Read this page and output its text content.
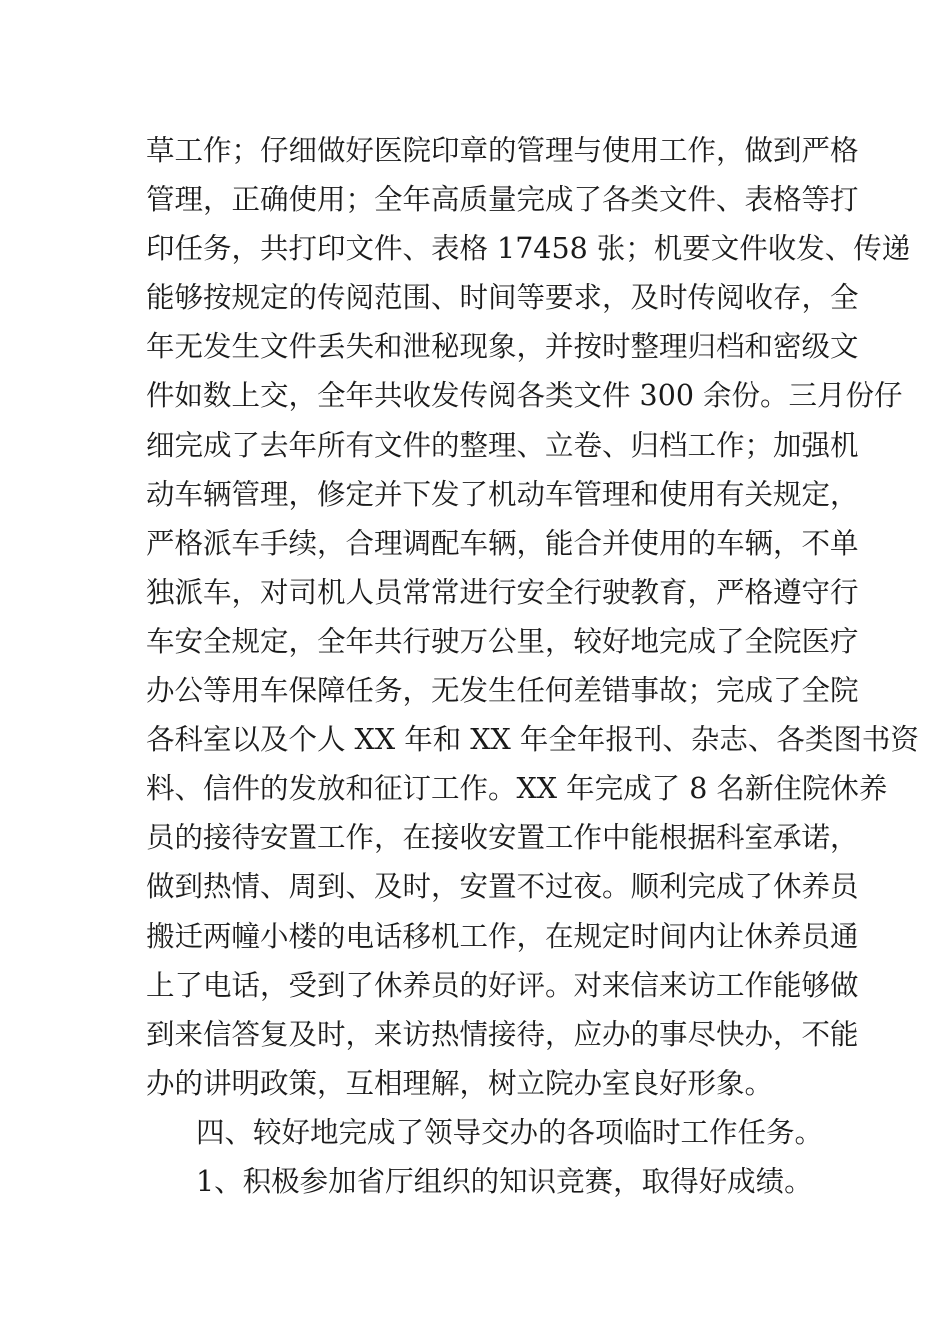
草工作；仔细做好医院印章的管理与使用工作，做到严格
管理，正确使用；全年高质量完成了各类文件、表格等打
印任务，共打印文件、表格 17458 张；机要文件收发、传递
能够按规定的传阅范围、时间等要求，及时传阅收存，全
年无发生文件丢失和泄秘现象，并按时整理归档和密级文
件如数上交，全年共收发传阅各类文件 300 余份。三月份仔
细完成了去年所有文件的整理、立卷、归档工作；加强机
动车辆管理，修定并下发了机动车管理和使用有关规定，
严格派车手续，合理调配车辆，能合并使用的车辆，不单
独派车，对司机人员常常进行安全行驶教育，严格遵守行
车安全规定，全年共行驶万公里，较好地完成了全院医疗
办公等用车保障任务，无发生任何差错事故；完成了全院
各科室以及个人 XX 年和 XX 年全年报刊、杂志、各类图书资
料、信件的发放和征订工作。XX 年完成了 8 名新住院休养
员的接待安置工作，在接收安置工作中能根据科室承诺，
做到热情、周到、及时，安置不过夜。顺利完成了休养员
搬迁两幢小楼的电话移机工作，在规定时间内让休养员通
上了电话，受到了休养员的好评。对来信来访工作能够做
到来信答复及时，来访热情接待，应办的事尽快办，不能
办的讲明政策，互相理解，树立院办室良好形象。
四、较好地完成了领导交办的各项临时工作任务。
1、积极参加省厅组织的知识竞赛，取得好成绩。
